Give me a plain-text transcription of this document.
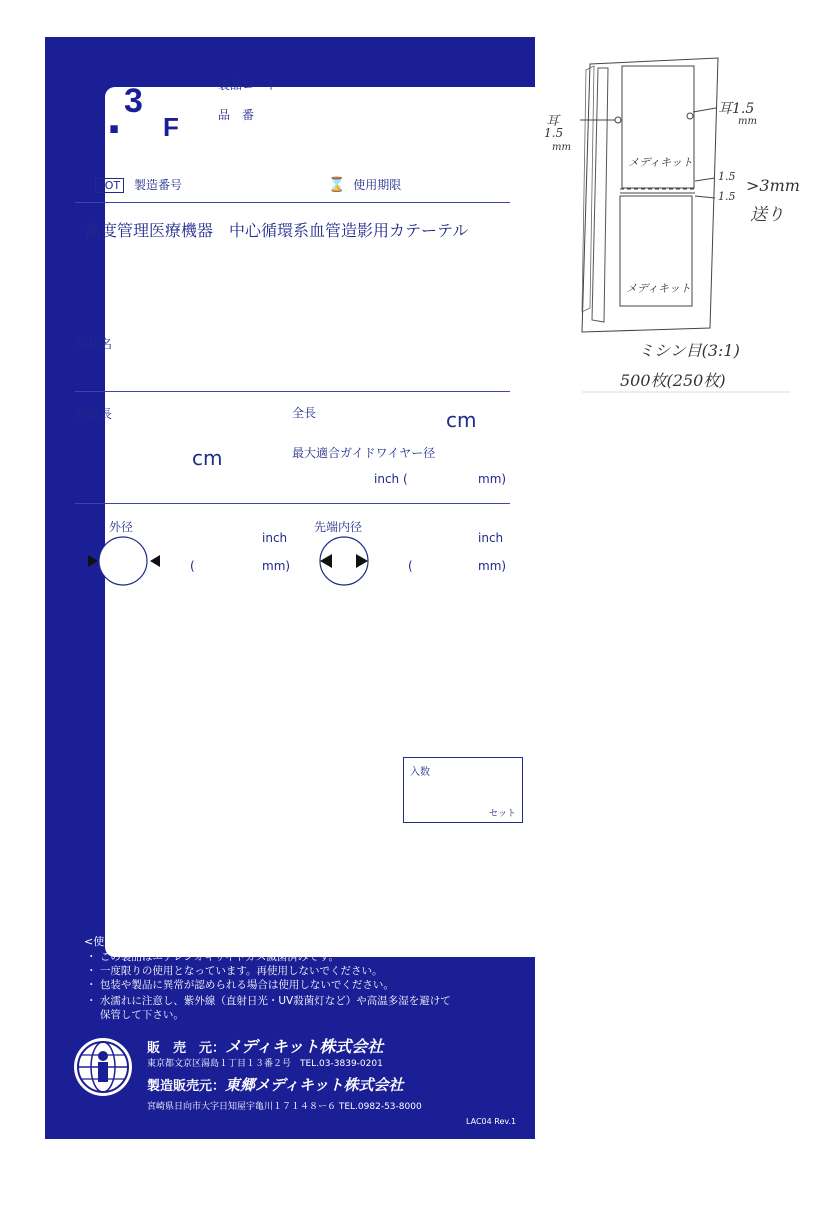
3. 3
F
製品コード
品　番
LOT 製造番号	⌛ 使用期限
高度管理医療機器　中心循環系血管造影用カテーテル
形状名
有効長
cm
全長	cm
最大適合ガイドワイヤー径
inch (	mm)
外径
inch
(	mm)
先端内径
inch
(	mm)
入数
セット
<使用上の注意>
・ この製品はエチレンオキサイドガス滅菌済みです。
・ 一度限りの使用となっています。再使用しないでください。
・ 包装や製品に異常が認められる場合は使用しないでください。
・ 水濡れに注意し、紫外線（直射日光・UV殺菌灯など）や高温多湿を避けて
　 保管して下さい。
販　売　元：メディキット株式会社
東京都文京区湯島１丁目１３番２号　TEL.03-3839-0201
製造販売元：東郷メディキット株式会社
宮崎県日向市大字日知屋宇亀川１７１４８ー６ TEL.0982-53-8000
LAC04 Rev.1
耳
1.5
mm
耳1.5
mm
メディキット
メディキット
1.5
1.5
>3mm
送り
ミシン目(3:1)
500枚(250枚)
